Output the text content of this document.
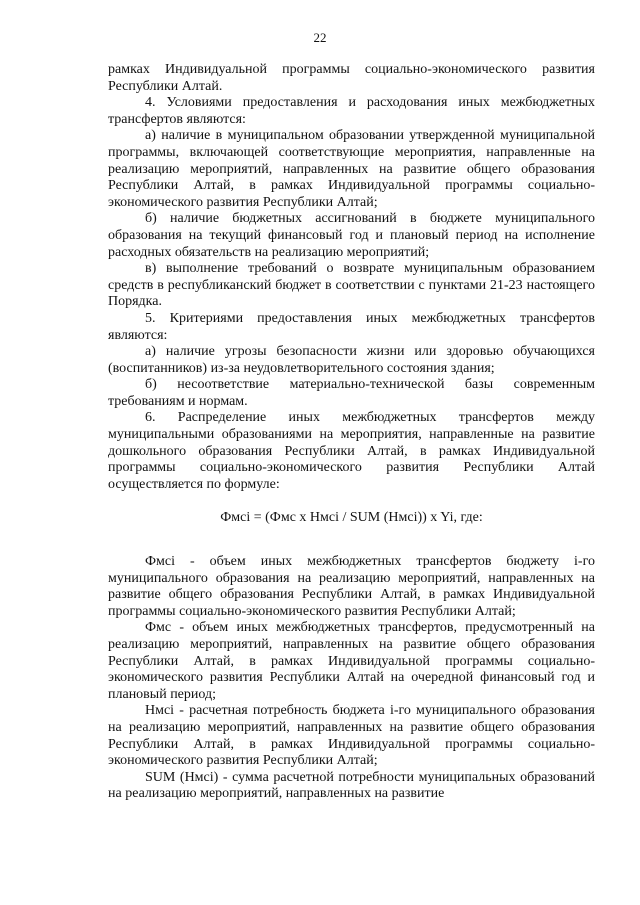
22

рамках Индивидуальной программы социально-экономического развития Республики Алтай.

4. Условиями предоставления и расходования иных межбюджетных трансфертов являются:

а) наличие в муниципальном образовании утвержденной муниципальной программы, включающей соответствующие мероприятия, направленные на реализацию мероприятий, направленных на развитие общего образования Республики Алтай, в рамках Индивидуальной программы социально-экономического развития Республики Алтай;

б) наличие бюджетных ассигнований в бюджете муниципального образования на текущий финансовый год и плановый период на исполнение расходных обязательств на реализацию мероприятий;

в) выполнение требований о возврате муниципальным образованием средств в республиканский бюджет в соответствии с пунктами 21-23 настоящего Порядка.

5. Критериями предоставления иных межбюджетных трансфертов являются:

а) наличие угрозы безопасности жизни или здоровью обучающихся (воспитанников) из-за неудовлетворительного состояния здания;

б) несоответствие материально-технической базы современным требованиям и нормам.

6. Распределение иных межбюджетных трансфертов между муниципальными образованиями на мероприятия, направленные на развитие дошкольного образования Республики Алтай, в рамках Индивидуальной программы социально-экономического развития Республики Алтай осуществляется по формуле:

Фмсi = (Фмс x Нмсi / SUM (Нмсi)) x Yi, где:

Фмсi - объем иных межбюджетных трансфертов бюджету i-го муниципального образования на реализацию мероприятий, направленных на развитие общего образования Республики Алтай, в рамках Индивидуальной программы социально-экономического развития Республики Алтай;

Фмс - объем иных межбюджетных трансфертов, предусмотренный на реализацию мероприятий, направленных на развитие общего образования Республики Алтай, в рамках Индивидуальной программы социально-экономического развития Республики Алтай на очередной финансовый год и плановый период;

Нмсi - расчетная потребность бюджета i-го муниципального образования на реализацию мероприятий, направленных на развитие общего образования Республики Алтай, в рамках Индивидуальной программы социально-экономического развития Республики Алтай;

SUM (Нмсi) - сумма расчетной потребности муниципальных образований на реализацию мероприятий, направленных на развитие
